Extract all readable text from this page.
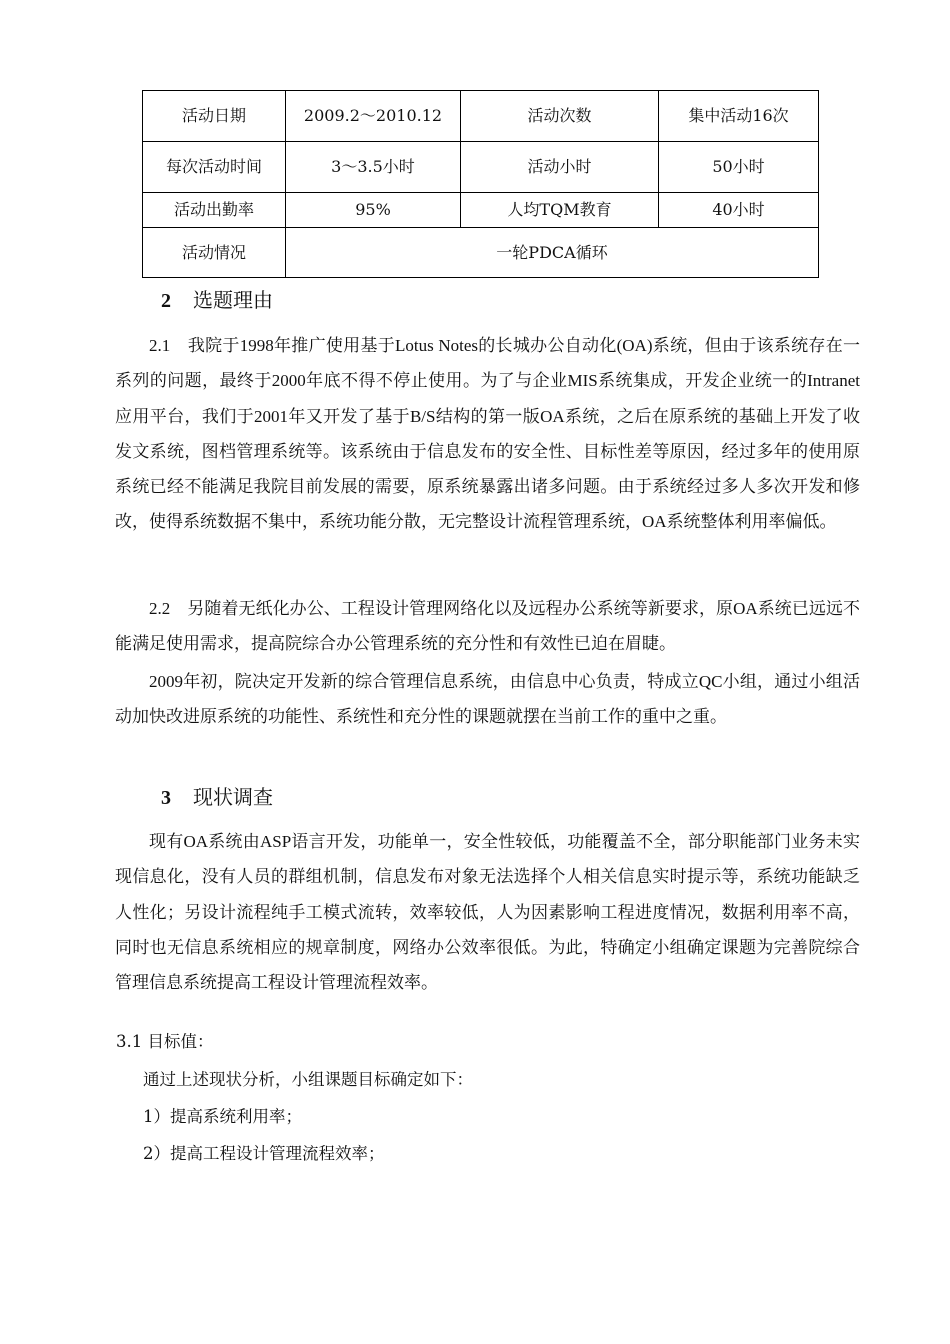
活动日期	2009.2～2010.12	活动次数	集中活动16次
每次活动时间	3～3.5小时	活动小时	50小时
活动出勤率	95%	人均TQM教育	40小时
活动情况	一轮PDCA循环		
2 选题理由
2.1　我院于1998年推广使用基于Lotus Notes的长城办公自动化(OA)系统，但由于该系统存在一系列的问题，最终于2000年底不得不停止使用。为了与企业MIS系统集成，开发企业统一的Intranet应用平台，我们于2001年又开发了基于B/S结构的第一版OA系统，之后在原系统的基础上开发了收发文系统，图档管理系统等。该系统由于信息发布的安全性、目标性差等原因，经过多年的使用原系统已经不能满足我院目前发展的需要，原系统暴露出诸多问题。由于系统经过多人多次开发和修改，使得系统数据不集中，系统功能分散，无完整设计流程管理系统，OA系统整体利用率偏低。
2.2　另随着无纸化办公、工程设计管理网络化以及远程办公系统等新要求，原OA系统已远远不能满足使用需求，提高院综合办公管理系统的充分性和有效性已迫在眉睫。
2009年初，院决定开发新的综合管理信息系统，由信息中心负责，特成立QC小组，通过小组活动加快改进原系统的功能性、系统性和充分性的课题就摆在当前工作的重中之重。
3 现状调查
现有OA系统由ASP语言开发，功能单一，安全性较低，功能覆盖不全，部分职能部门业务未实现信息化，没有人员的群组机制，信息发布对象无法选择个人相关信息实时提示等，系统功能缺乏人性化；另设计流程纯手工模式流转，效率较低，人为因素影响工程进度情况，数据利用率不高，同时也无信息系统相应的规章制度，网络办公效率很低。为此，特确定小组确定课题为完善院综合管理信息系统提高工程设计管理流程效率。
3.1 目标值：
通过上述现状分析，小组课题目标确定如下：
1）提高系统利用率；
2）提高工程设计管理流程效率；
